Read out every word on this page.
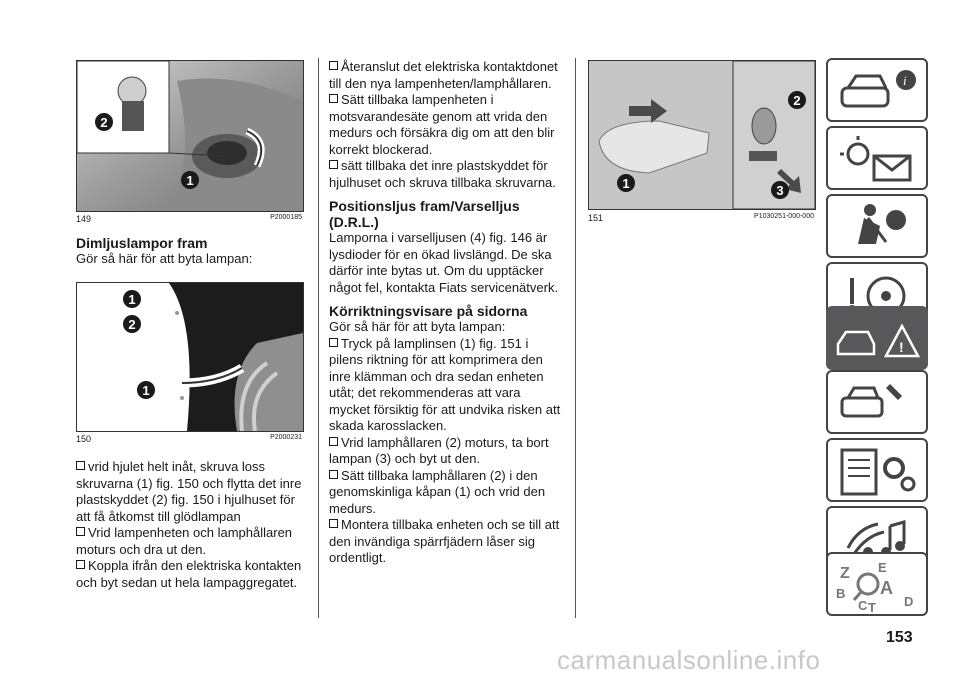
2
1
149	P2000185

Dimljuslampor fram

Gör så här för att byta lampan:

1
2
1
150	P2000231

vrid hjulet helt inåt, skruva loss skruvarna (1) fig. 150 och flytta det inre plastskyddet (2) fig. 150 i hjulhuset för att få åtkomst till glödlampan

Vrid lampenheten och lamphållaren moturs och dra ut den.

Koppla ifrån den elektriska kontakten och byt sedan ut hela lampaggregatet.

Återanslut det elektriska kontaktdonet till den nya lampenheten/lamphållaren.

Sätt tillbaka lampenheten i motsvarandesäte genom att vrida den medurs och försäkra dig om att den blir korrekt blockerad.

sätt tillbaka det inre plastskyddet för hjulhuset och skruva tillbaka skruvarna.

Positionsljus fram/Varselljus (D.R.L.)

Lamporna i varselljusen (4) fig. 146 är lysdioder för en ökad livslängd. De ska därför inte bytas ut. Om du upptäcker något fel, kontakta Fiats servicenätverk.

Körriktningsvisare på sidorna

Gör så här för att byta lampan:

Tryck på lamplinsen (1) fig. 151 i pilens riktning för att komprimera den inre klämman och dra sedan enheten utåt; det rekommenderas att vara mycket försiktig för att undvika risken att skada karosslacken.

Vrid lamphållaren (2) moturs, ta bort lampan (3) och byt ut den.

Sätt tillbaka lamphållaren (2) i den genomskinliga kåpan (1) och vrid den medurs.

Montera tillbaka enheten och se till att den invändiga spärrfjädern låser sig ordentligt.

2
1	3
151	P1030251-000-000
i
!
Z E
B A
C T D
153
carmanualsonline.info
